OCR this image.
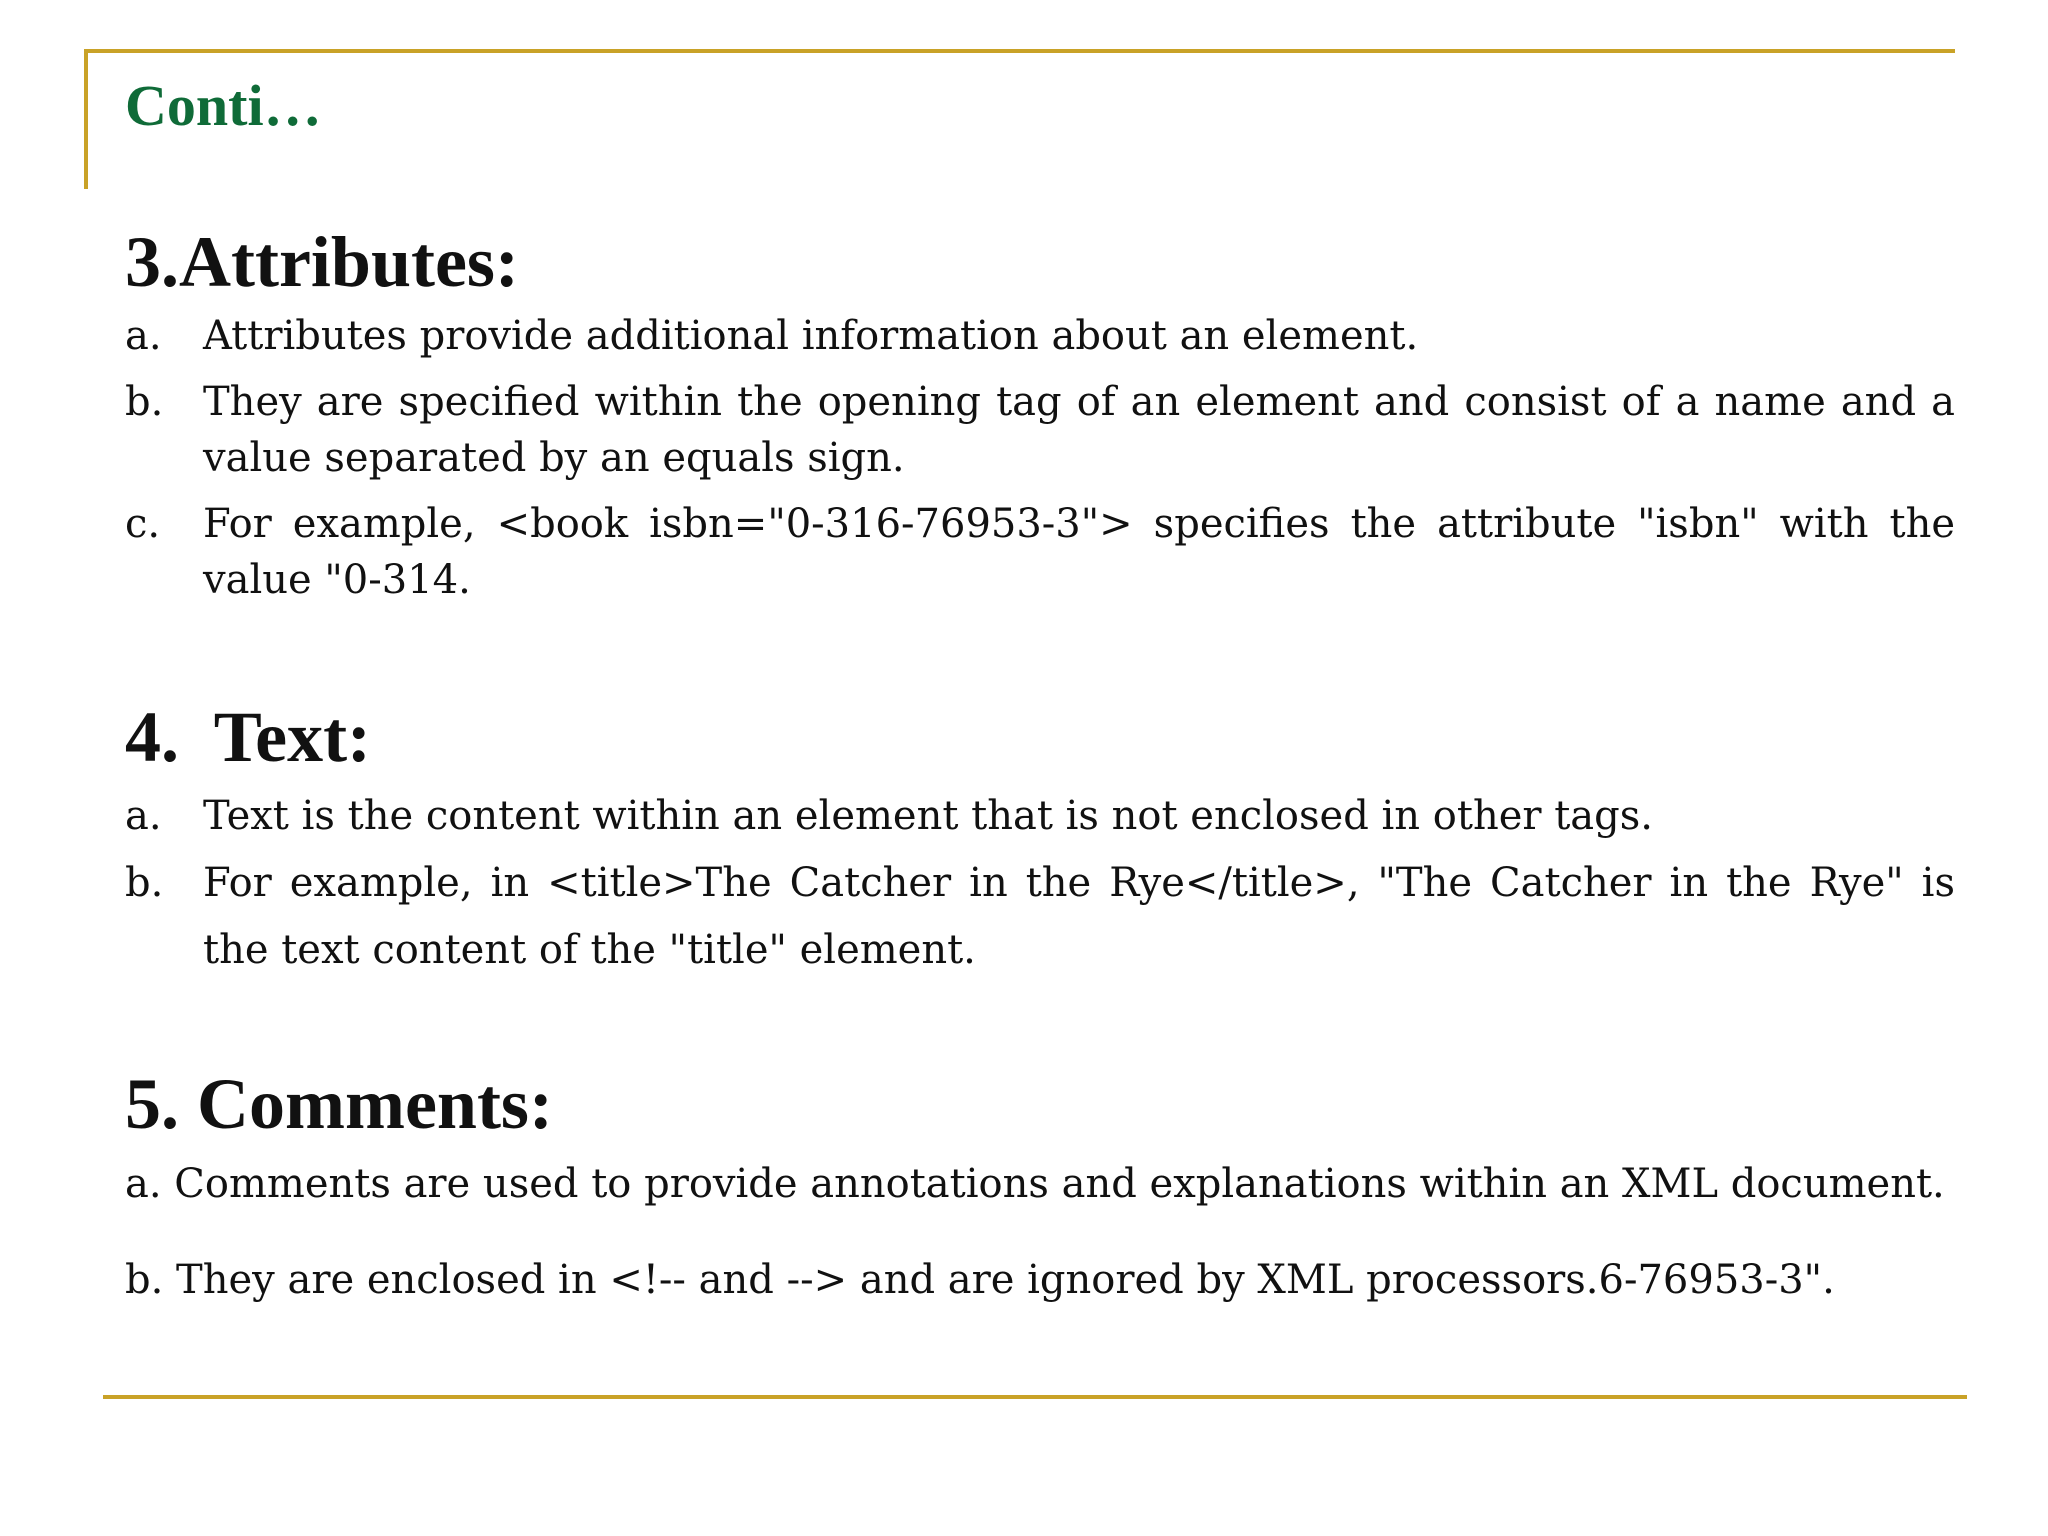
Conti…
3.Attributes:
a.	Attributes provide additional information about an element.
b. They are specified within the opening tag of an element and consist of a name and a value separated by an equals sign.
c.	For example, <book isbn="0-316-76953-3"> specifies the attribute "isbn" with the value "0-314.
4.  Text:
a.	Text is the content within an element that is not enclosed in other tags.
b. For example, in <title>The Catcher in the Rye</title>, "The Catcher in the Rye" is the text content of the "title" element.
5. Comments:

a. Comments are used to provide annotations and explanations within an XML document.

b. They are enclosed in <!-- and --> and are ignored by XML processors.6-76953-3".
